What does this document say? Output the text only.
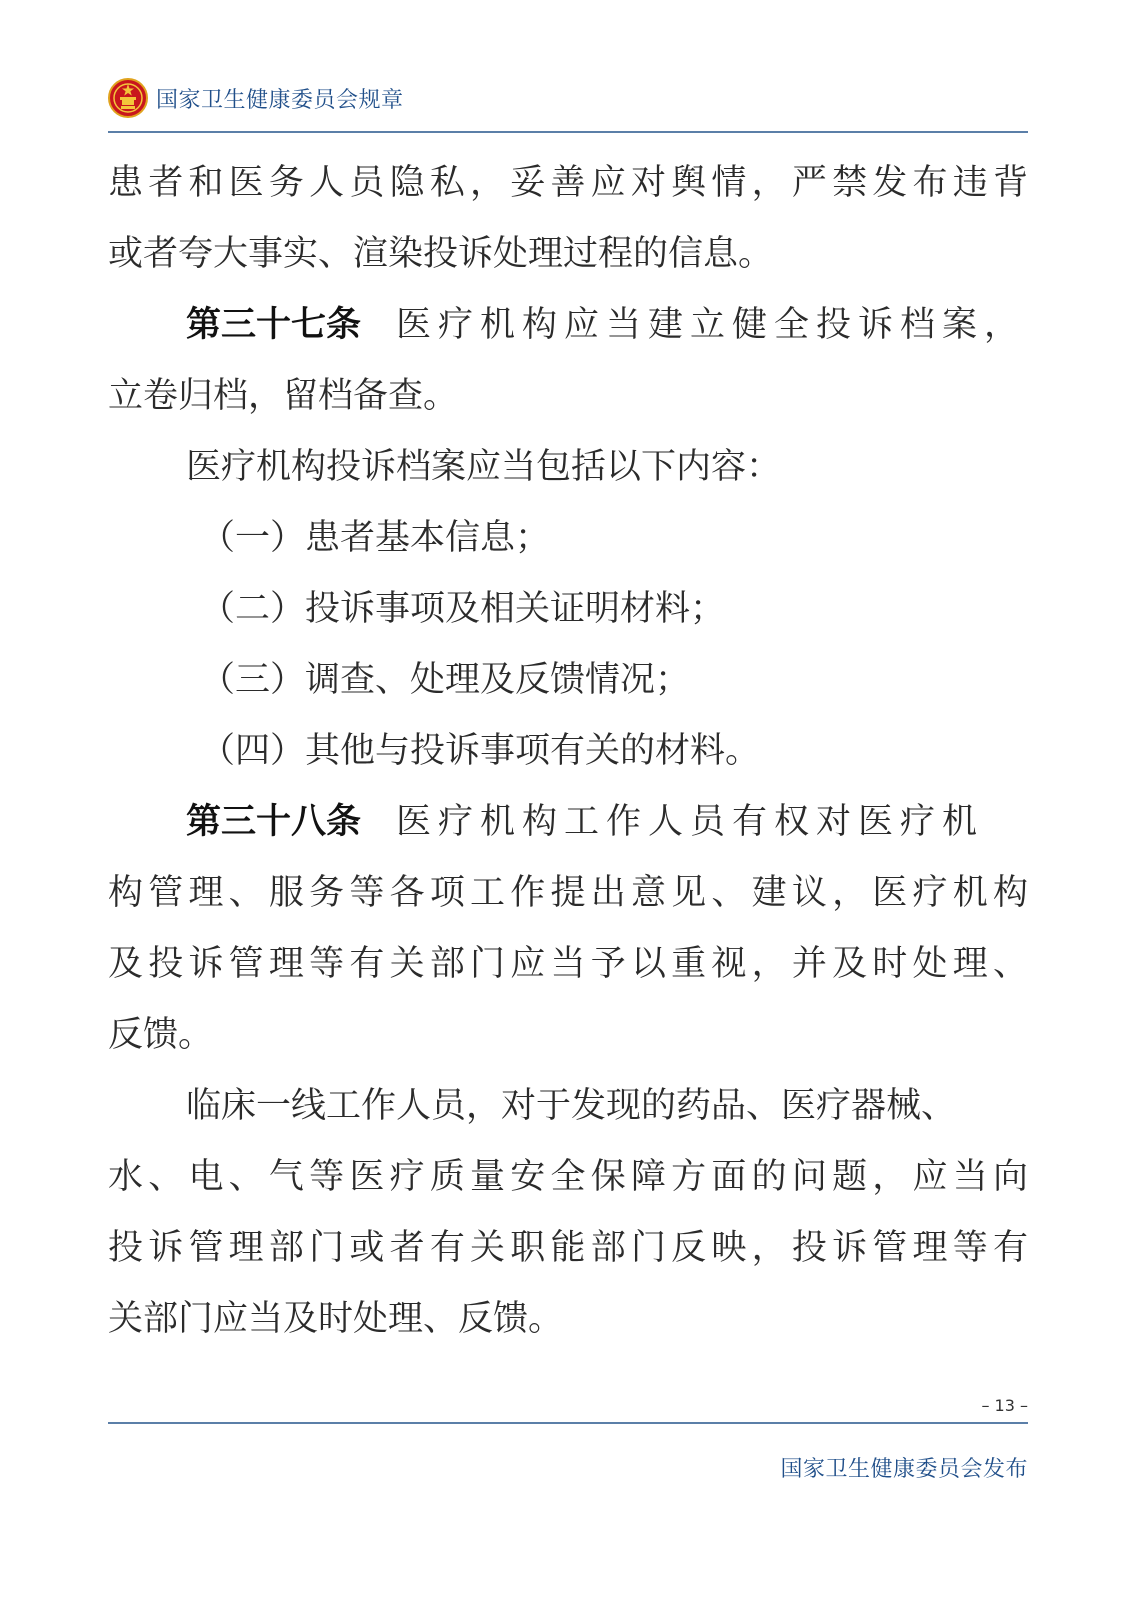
国家卫生健康委员会规章
患者和医务人员隐私，妥善应对舆情，严禁发布违背
或者夸大事实、渲染投诉处理过程的信息。
第三十七条　 医疗机构应当建立健全投诉档案，
立卷归档，留档备查。
医疗机构投诉档案应当包括以下内容：
（一）患者基本信息；
（二）投诉事项及相关证明材料；
（三）调查、处理及反馈情况；
（四）其他与投诉事项有关的材料。
第三十八条　 医疗机构工作人员有权对医疗机
构管理、服务等各项工作提出意见、建议，医疗机构
及投诉管理等有关部门应当予以重视，并及时处理、
反馈。
临床一线工作人员，对于发现的药品、医疗器械、
水、电、气等医疗质量安全保障方面的问题，应当向
投诉管理部门或者有关职能部门反映，投诉管理等有
关部门应当及时处理、反馈。
– 13 –
国家卫生健康委员会发布
